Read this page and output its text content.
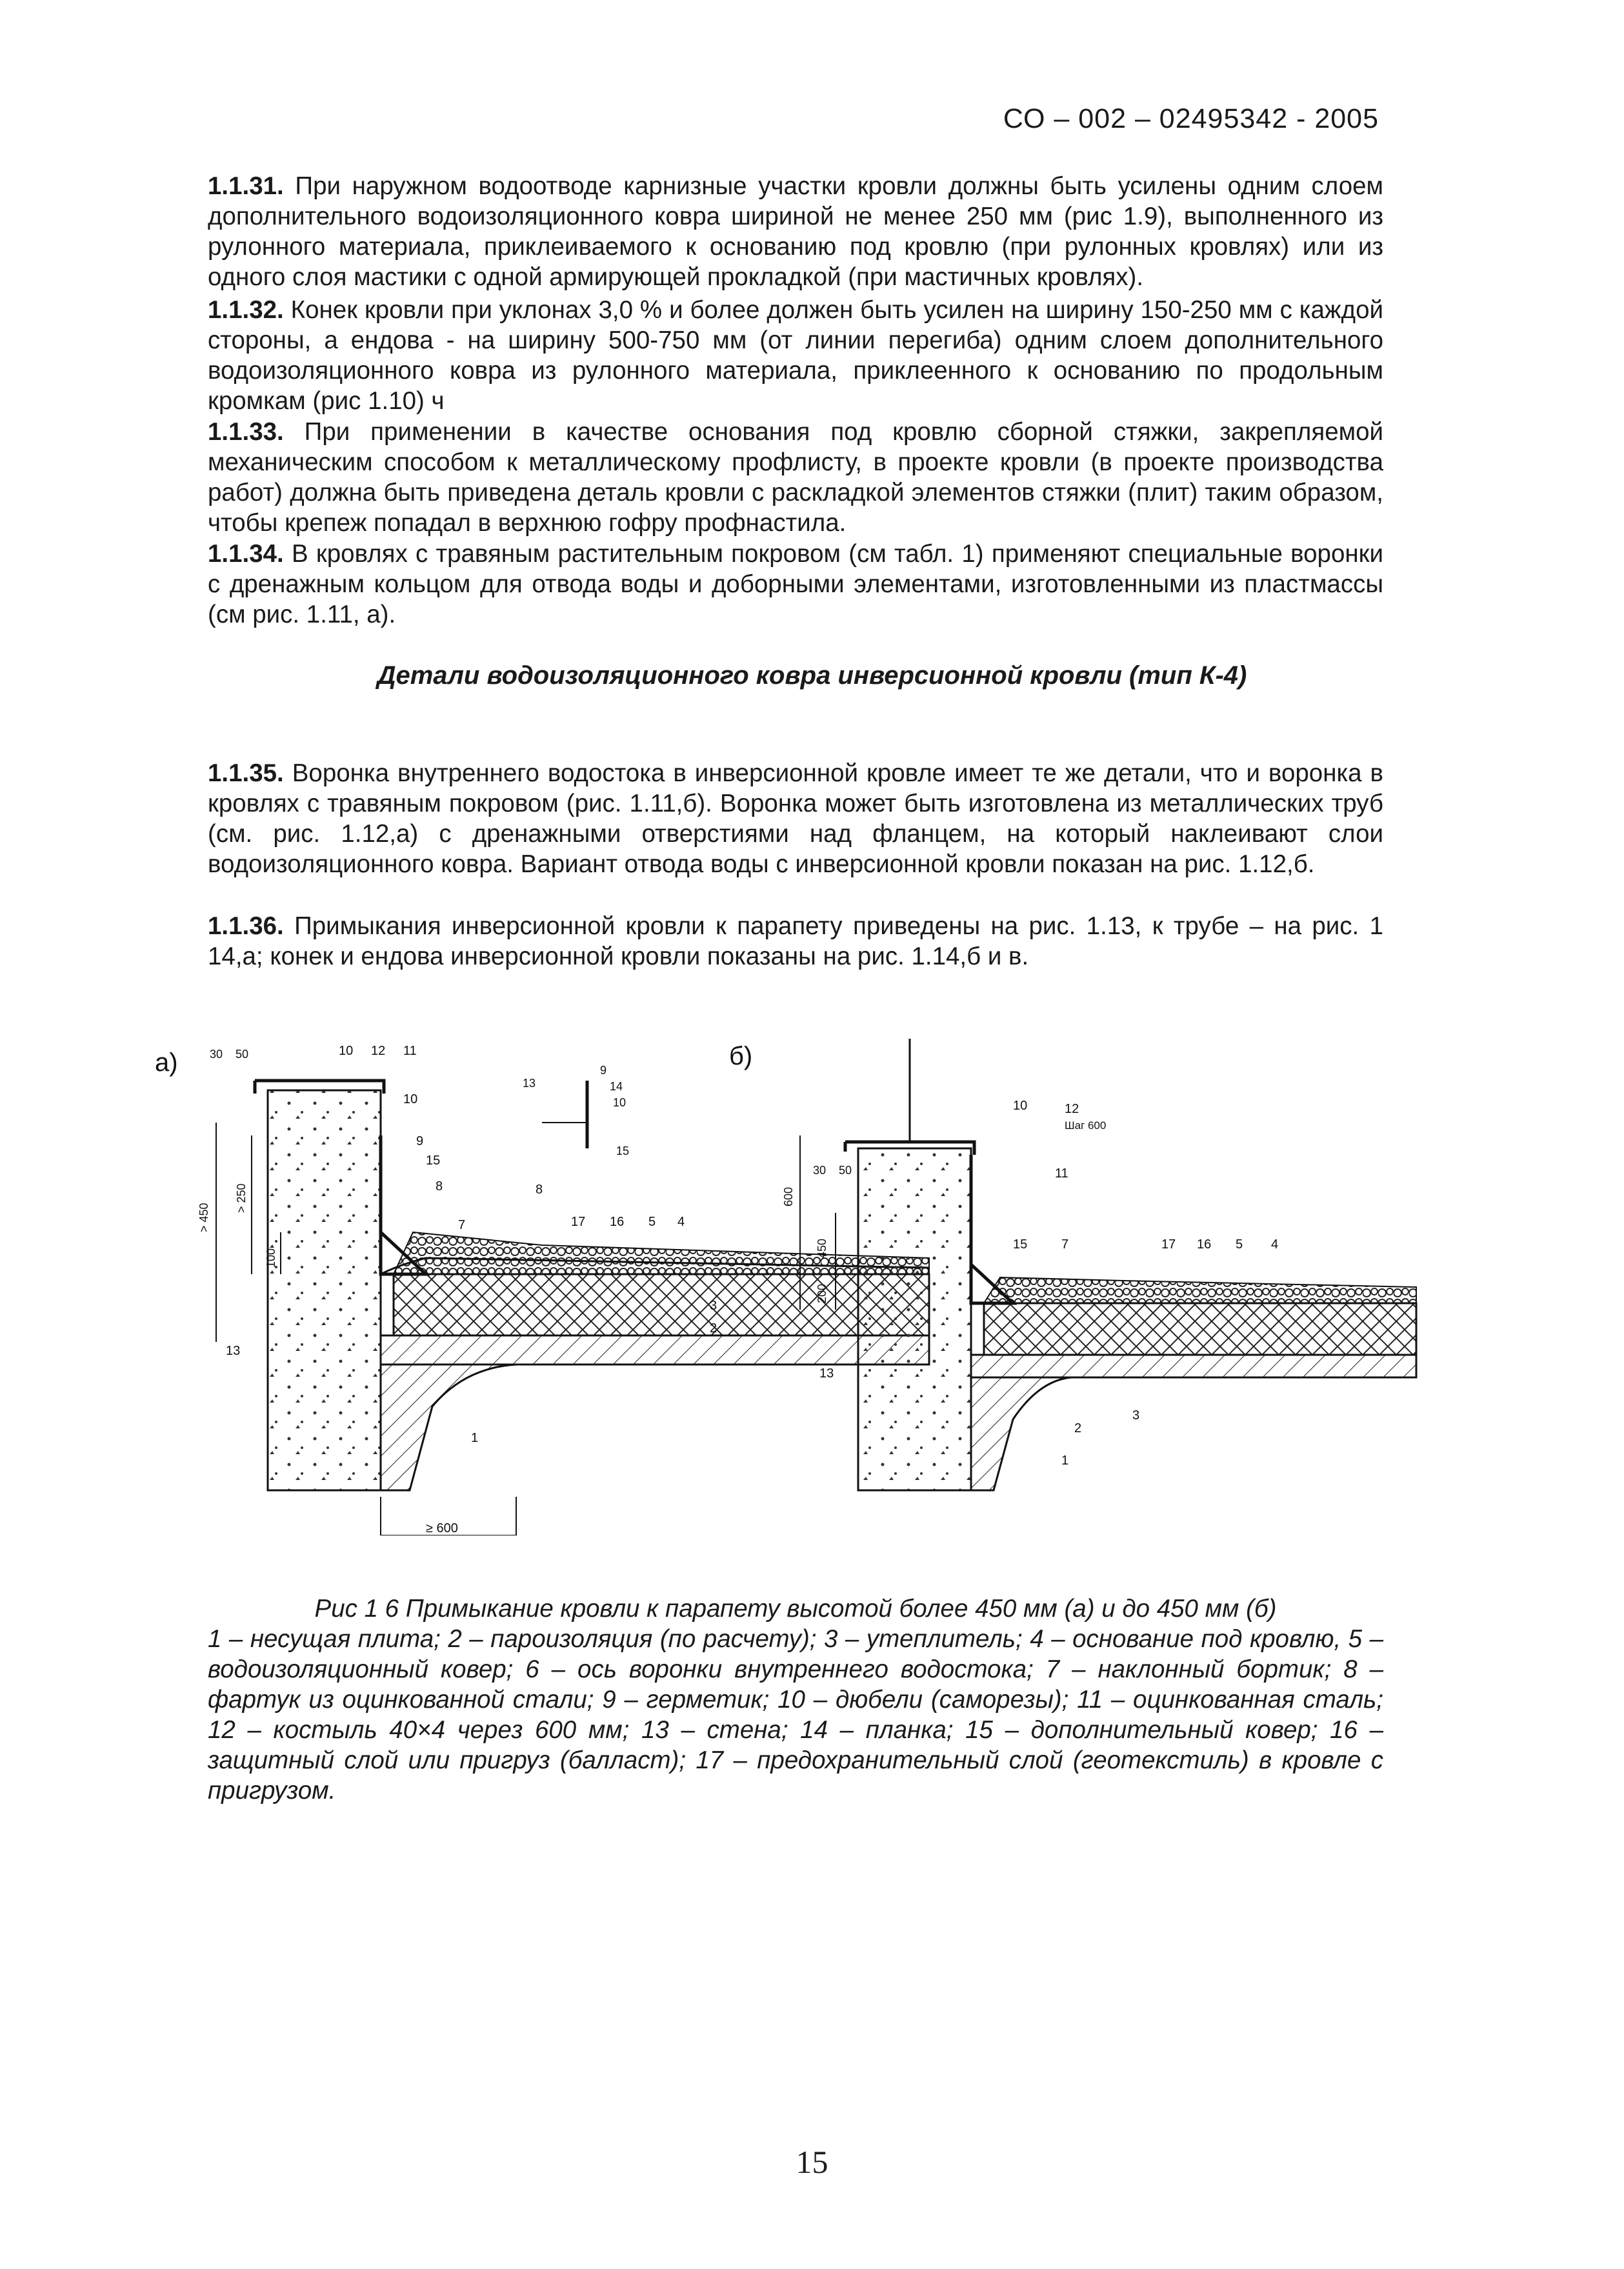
СО – 002 – 02495342 - 2005

1.1.31. При наружном водоотводе карнизные участки кровли должны быть усилены одним слоем дополнительного водоизоляционного ковра шириной не менее 250 мм (рис 1.9), выполненного из рулонного материала, приклеиваемого к основанию под кровлю (при рулонных кровлях) или из одного слоя мастики с одной армирующей прокладкой (при мастичных кровлях).

1.1.32. Конек кровли при уклонах 3,0 % и более должен быть усилен на ширину 150-250 мм с каждой стороны, а ендова - на ширину 500-750 мм (от линии перегиба) одним слоем дополнительного водоизоляционного ковра из рулонного материала, приклеенного к основанию по продольным кромкам (рис 1.10) ч

1.1.33. При применении в качестве основания под кровлю сборной стяжки, закрепляемой механическим способом к металлическому профлисту, в проекте кровли (в проекте производства работ) должна быть приведена деталь кровли с раскладкой элементов стяжки (плит) таким образом, чтобы крепеж попадал в верхнюю гофру профнастила.

1.1.34. В кровлях с травяным растительным покровом (см табл. 1) применяют специальные воронки с дренажным кольцом для отвода воды и доборными элементами, изготовленными из пластмассы (см рис. 1.11, а).

Детали водоизоляционного ковра инверсионной кровли (тип К-4)

1.1.35. Воронка внутреннего водостока в инверсионной кровле имеет те же детали, что и воронка в кровлях с травяным покровом (рис. 1.11,б). Воронка может быть изготовлена из металлических труб (см. рис. 1.12,а) с дренажными отверстиями над фланцем, на который наклеивают слои водоизоляционного ковра. Вариант отвода воды с инверсионной кровли показан на рис. 1.12,б.

1.1.36. Примыкания инверсионной кровли к парапету приведены на рис. 1.13, к трубе – на рис. 1 14,а; конек и ендова инверсионной кровли показаны на рис. 1.14,б и в.

а)
> 450
> 250
100
≥ 600
30 50	10 12 11
10
9
15
8
7
8
17 16 5 4
3
2
1
13
13
9
14
10
15
б)
30 50
600
450
200
10	12
Шаг 600
11
15	7	17 16 5 4
13
2
3
1

Рис 1 6 Примыкание кровли к парапету высотой более 450 мм (а) и до 450 мм (б)

1 – несущая плита; 2 – пароизоляция (по расчету); 3 – утеплитель; 4 – основание под кровлю, 5 – водоизоляционный ковер; 6 – ось воронки внутреннего водостока; 7 – наклонный бортик; 8 – фартук из оцинкованной стали; 9 – герметик; 10 – дюбели (саморезы); 11 – оцинкованная сталь; 12 – костыль 40×4 через 600 мм; 13 – стена; 14 – планка; 15 – дополнительный ковер; 16 – защитный слой или пригруз (балласт); 17 – предохранительный слой (геотекстиль) в кровле с пригрузом.

15
